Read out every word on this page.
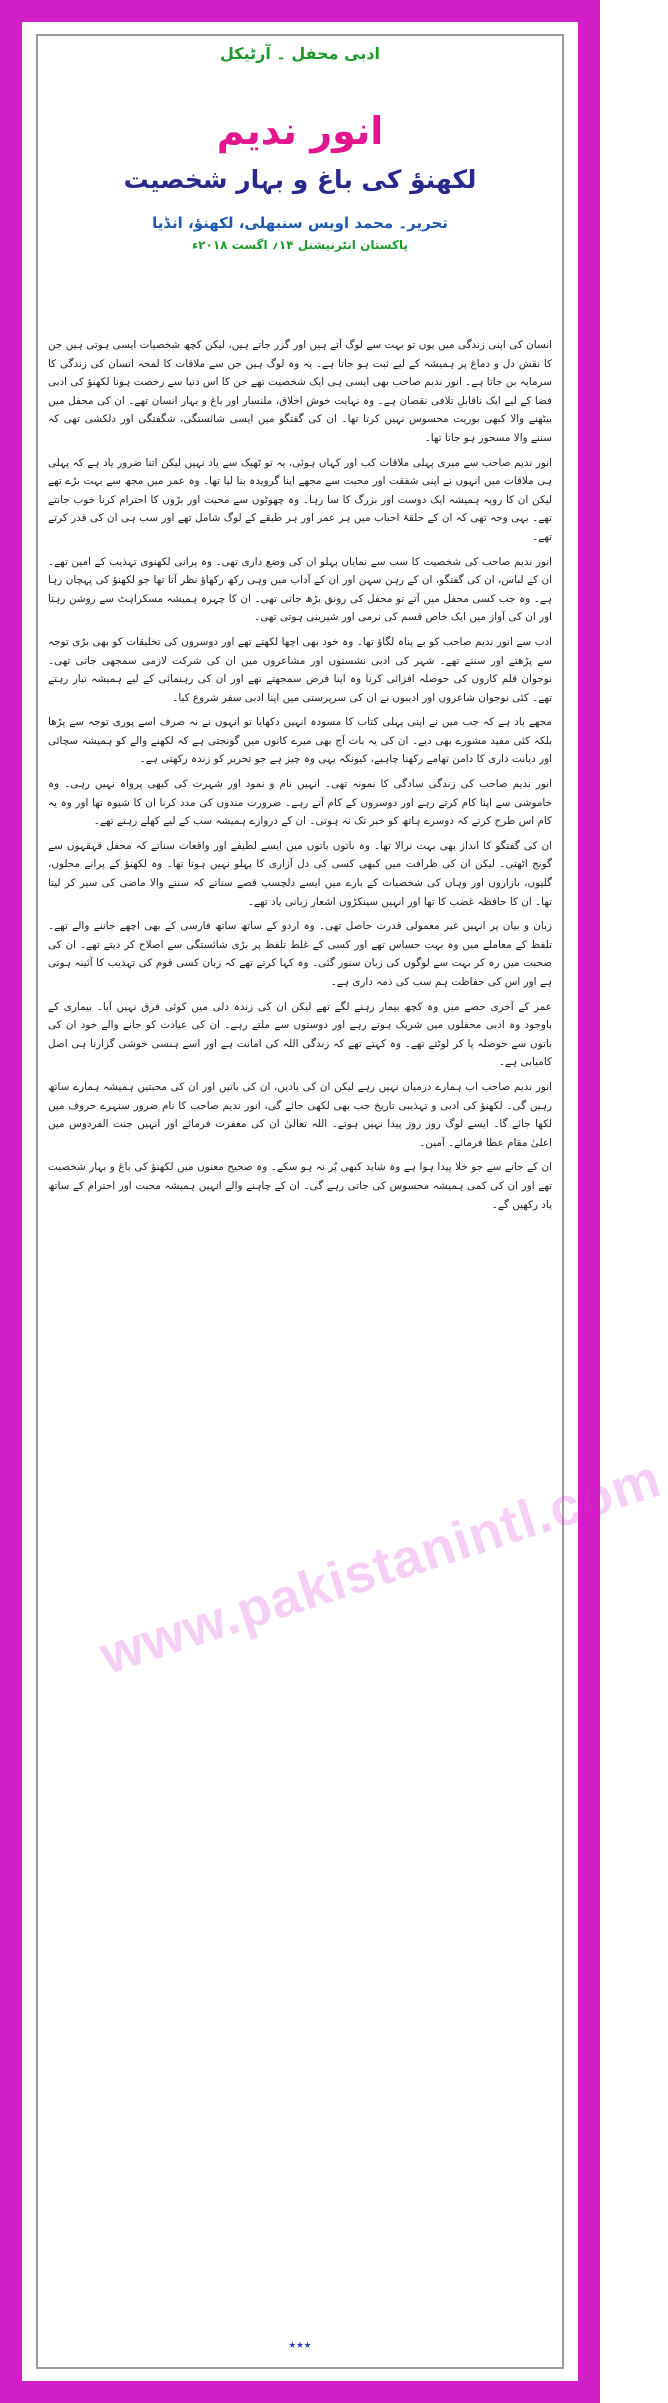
ادبی محفل ۔ آرٹیکل
انور ندیم
لکھنؤ کی باغ و بہار شخصیت
تحریر۔ محمد اویس سنبھلی، لکھنؤ، انڈیا
پاکستان انٹرنیشنل ۱۴؍ اگست ۲۰۱۸ء

انسان کی اپنی زندگی میں یوں تو بہت سے لوگ آتے ہیں اور گزر جاتے ہیں، لیکن کچھ شخصیات ایسی ہوتی ہیں جن کا نقش دل و دماغ پر ہمیشہ کے لیے ثبت ہو جاتا ہے۔ یہ وہ لوگ ہیں جن سے ملاقات کا لمحہ انسان کی زندگی کا سرمایہ بن جاتا ہے۔ انور ندیم صاحب بھی ایسی ہی ایک شخصیت تھے جن کا اس دنیا سے رخصت ہونا لکھنؤ کی ادبی فضا کے لیے ایک ناقابلِ تلافی نقصان ہے۔ وہ نہایت خوش اخلاق، ملنسار اور باغ و بہار انسان تھے۔ ان کی محفل میں بیٹھنے والا کبھی بوریت محسوس نہیں کرتا تھا۔ ان کی گفتگو میں ایسی شائستگی، شگفتگی اور دلکشی تھی کہ سننے والا مسحور ہو جاتا تھا۔

انور ندیم صاحب سے میری پہلی ملاقات کب اور کہاں ہوئی، یہ تو ٹھیک سے یاد نہیں لیکن اتنا ضرور یاد ہے کہ پہلی ہی ملاقات میں انہوں نے اپنی شفقت اور محبت سے مجھے اپنا گرویدہ بنا لیا تھا۔ وہ عمر میں مجھ سے بہت بڑے تھے لیکن ان کا رویہ ہمیشہ ایک دوست اور بزرگ کا سا رہا۔ وہ چھوٹوں سے محبت اور بڑوں کا احترام کرنا خوب جانتے تھے۔ یہی وجہ تھی کہ ان کے حلقۂ احباب میں ہر عمر اور ہر طبقے کے لوگ شامل تھے اور سب ہی ان کی قدر کرتے تھے۔

انور ندیم صاحب کی شخصیت کا سب سے نمایاں پہلو ان کی وضع داری تھی۔ وہ پرانی لکھنوی تہذیب کے امین تھے۔ ان کے لباس، ان کی گفتگو، ان کے رہن سہن اور ان کے آداب میں وہی رکھ رکھاؤ نظر آتا تھا جو لکھنؤ کی پہچان رہا ہے۔ وہ جب کسی محفل میں آتے تو محفل کی رونق بڑھ جاتی تھی۔ ان کا چہرہ ہمیشہ مسکراہٹ سے روشن رہتا اور ان کی آواز میں ایک خاص قسم کی نرمی اور شیرینی ہوتی تھی۔

ادب سے انور ندیم صاحب کو بے پناہ لگاؤ تھا۔ وہ خود بھی اچھا لکھتے تھے اور دوسروں کی تخلیقات کو بھی بڑی توجہ سے پڑھتے اور سنتے تھے۔ شہر کی ادبی نشستوں اور مشاعروں میں ان کی شرکت لازمی سمجھی جاتی تھی۔ نوجوان قلم کاروں کی حوصلہ افزائی کرنا وہ اپنا فرض سمجھتے تھے اور ان کی رہنمائی کے لیے ہمیشہ تیار رہتے تھے۔ کئی نوجوان شاعروں اور ادیبوں نے ان کی سرپرستی میں اپنا ادبی سفر شروع کیا۔

مجھے یاد ہے کہ جب میں نے اپنی پہلی کتاب کا مسودہ انہیں دکھایا تو انہوں نے نہ صرف اسے پوری توجہ سے پڑھا بلکہ کئی مفید مشورے بھی دیے۔ ان کی یہ بات آج بھی میرے کانوں میں گونجتی ہے کہ لکھنے والے کو ہمیشہ سچائی اور دیانت داری کا دامن تھامے رکھنا چاہیے، کیونکہ یہی وہ چیز ہے جو تحریر کو زندہ رکھتی ہے۔

انور ندیم صاحب کی زندگی سادگی کا نمونہ تھی۔ انہیں نام و نمود اور شہرت کی کبھی پرواہ نہیں رہی۔ وہ خاموشی سے اپنا کام کرتے رہے اور دوسروں کے کام آتے رہے۔ ضرورت مندوں کی مدد کرنا ان کا شیوہ تھا اور وہ یہ کام اس طرح کرتے کہ دوسرے ہاتھ کو خبر تک نہ ہوتی۔ ان کے دروازے ہمیشہ سب کے لیے کھلے رہتے تھے۔

ان کی گفتگو کا انداز بھی بہت نرالا تھا۔ وہ باتوں باتوں میں ایسے لطیفے اور واقعات سناتے کہ محفل قہقہوں سے گونج اٹھتی۔ لیکن ان کی ظرافت میں کبھی کسی کی دل آزاری کا پہلو نہیں ہوتا تھا۔ وہ لکھنؤ کے پرانے محلوں، گلیوں، بازاروں اور وہاں کی شخصیات کے بارے میں ایسے دلچسپ قصے سناتے کہ سننے والا ماضی کی سیر کر لیتا تھا۔ ان کا حافظہ غضب کا تھا اور انہیں سینکڑوں اشعار زبانی یاد تھے۔

زبان و بیان پر انہیں غیر معمولی قدرت حاصل تھی۔ وہ اردو کے ساتھ ساتھ فارسی کے بھی اچھے جاننے والے تھے۔ تلفظ کے معاملے میں وہ بہت حساس تھے اور کسی کے غلط تلفظ پر بڑی شائستگی سے اصلاح کر دیتے تھے۔ ان کی صحبت میں رہ کر بہت سے لوگوں کی زبان سنور گئی۔ وہ کہا کرتے تھے کہ زبان کسی قوم کی تہذیب کا آئینہ ہوتی ہے اور اس کی حفاظت ہم سب کی ذمہ داری ہے۔

عمر کے آخری حصے میں وہ کچھ بیمار رہنے لگے تھے لیکن ان کی زندہ دلی میں کوئی فرق نہیں آیا۔ بیماری کے باوجود وہ ادبی محفلوں میں شریک ہوتے رہے اور دوستوں سے ملتے رہے۔ ان کی عیادت کو جانے والے خود ان کی باتوں سے حوصلہ پا کر لوٹتے تھے۔ وہ کہتے تھے کہ زندگی اللہ کی امانت ہے اور اسے ہنسی خوشی گزارنا ہی اصل کامیابی ہے۔

انور ندیم صاحب اب ہمارے درمیان نہیں رہے لیکن ان کی یادیں، ان کی باتیں اور ان کی محبتیں ہمیشہ ہمارے ساتھ رہیں گی۔ لکھنؤ کی ادبی و تہذیبی تاریخ جب بھی لکھی جائے گی، انور ندیم صاحب کا نام ضرور سنہرے حروف میں لکھا جائے گا۔ ایسے لوگ روز روز پیدا نہیں ہوتے۔ اللہ تعالیٰ ان کی مغفرت فرمائے اور انہیں جنت الفردوس میں اعلیٰ مقام عطا فرمائے۔ آمین۔

ان کے جانے سے جو خلا پیدا ہوا ہے وہ شاید کبھی پُر نہ ہو سکے۔ وہ صحیح معنوں میں لکھنؤ کی باغ و بہار شخصیت تھے اور ان کی کمی ہمیشہ محسوس کی جاتی رہے گی۔ ان کے چاہنے والے انہیں ہمیشہ محبت اور احترام کے ساتھ یاد رکھیں گے۔

www.pakistanintl.com
٭٭٭
